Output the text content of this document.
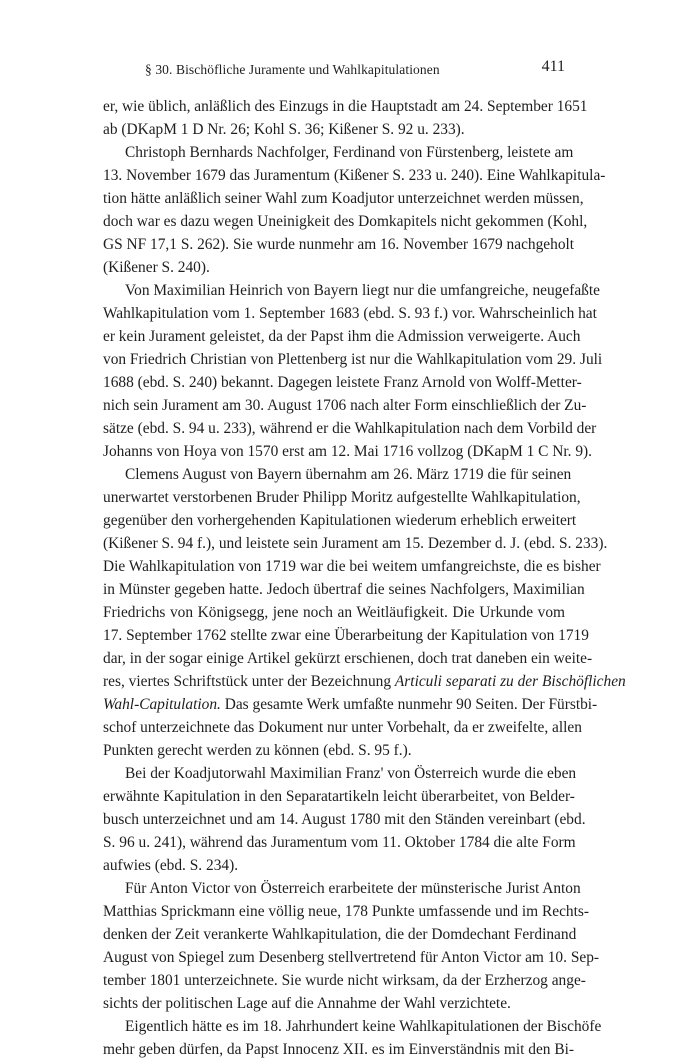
§ 30. Bischöfliche Juramente und Wahlkapitulationen	411
er, wie üblich, anläßlich des Einzugs in die Hauptstadt am 24. September 1651
ab (DKapM 1 D Nr. 26; Kohl S. 36; Kißener S. 92 u. 233).
Christoph Bernhards Nachfolger, Ferdinand von Fürstenberg, leistete am
13. November 1679 das Juramentum (Kißener S. 233 u. 240). Eine Wahlkapitula-
tion hätte anläßlich seiner Wahl zum Koadjutor unterzeichnet werden müssen,
doch war es dazu wegen Uneinigkeit des Domkapitels nicht gekommen (Kohl,
GS NF 17,1 S. 262). Sie wurde nunmehr am 16. November 1679 nachgeholt
(Kißener S. 240).
Von Maximilian Heinrich von Bayern liegt nur die umfangreiche, neugefaßte
Wahlkapitulation vom 1. September 1683 (ebd. S. 93 f.) vor. Wahrscheinlich hat
er kein Jurament geleistet, da der Papst ihm die Admission verweigerte. Auch
von Friedrich Christian von Plettenberg ist nur die Wahlkapitulation vom 29. Juli
1688 (ebd. S. 240) bekannt. Dagegen leistete Franz Arnold von Wolff-Metter-
nich sein Jurament am 30. August 1706 nach alter Form einschließlich der Zu-
sätze (ebd. S. 94 u. 233), während er die Wahlkapitulation nach dem Vorbild der
Johanns von Hoya von 1570 erst am 12. Mai 1716 vollzog (DKapM 1 C Nr. 9).
Clemens August von Bayern übernahm am 26. März 1719 die für seinen
unerwartet verstorbenen Bruder Philipp Moritz aufgestellte Wahlkapitulation,
gegenüber den vorhergehenden Kapitulationen wiederum erheblich erweitert
(Kißener S. 94 f.), und leistete sein Jurament am 15. Dezember d. J. (ebd. S. 233).
Die Wahlkapitulation von 1719 war die bei weitem umfangreichste, die es bisher
in Münster gegeben hatte. Jedoch übertraf die seines Nachfolgers, Maximilian
Friedrichs von Königsegg, jene noch an Weitläufigkeit. Die Urkunde vom
17. September 1762 stellte zwar eine Überarbeitung der Kapitulation von 1719
dar, in der sogar einige Artikel gekürzt erschienen, doch trat daneben ein weite-
res, viertes Schriftstück unter der Bezeichnung Articuli separati zu der Bischöflichen
Wahl-Capitulation. Das gesamte Werk umfaßte nunmehr 90 Seiten. Der Fürstbi-
schof unterzeichnete das Dokument nur unter Vorbehalt, da er zweifelte, allen
Punkten gerecht werden zu können (ebd. S. 95 f.).
Bei der Koadjutorwahl Maximilian Franz' von Österreich wurde die eben
erwähnte Kapitulation in den Separatartikeln leicht überarbeitet, von Belder-
busch unterzeichnet und am 14. August 1780 mit den Ständen vereinbart (ebd.
S. 96 u. 241), während das Juramentum vom 11. Oktober 1784 die alte Form
aufwies (ebd. S. 234).
Für Anton Victor von Österreich erarbeitete der münsterische Jurist Anton
Matthias Sprickmann eine völlig neue, 178 Punkte umfassende und im Rechts-
denken der Zeit verankerte Wahlkapitulation, die der Domdechant Ferdinand
August von Spiegel zum Desenberg stellvertretend für Anton Victor am 10. Sep-
tember 1801 unterzeichnete. Sie wurde nicht wirksam, da der Erzherzog ange-
sichts der politischen Lage auf die Annahme der Wahl verzichtete.
Eigentlich hätte es im 18. Jahrhundert keine Wahlkapitulationen der Bischöfe
mehr geben dürfen, da Papst Innocenz XII. es im Einverständnis mit den Bi-
